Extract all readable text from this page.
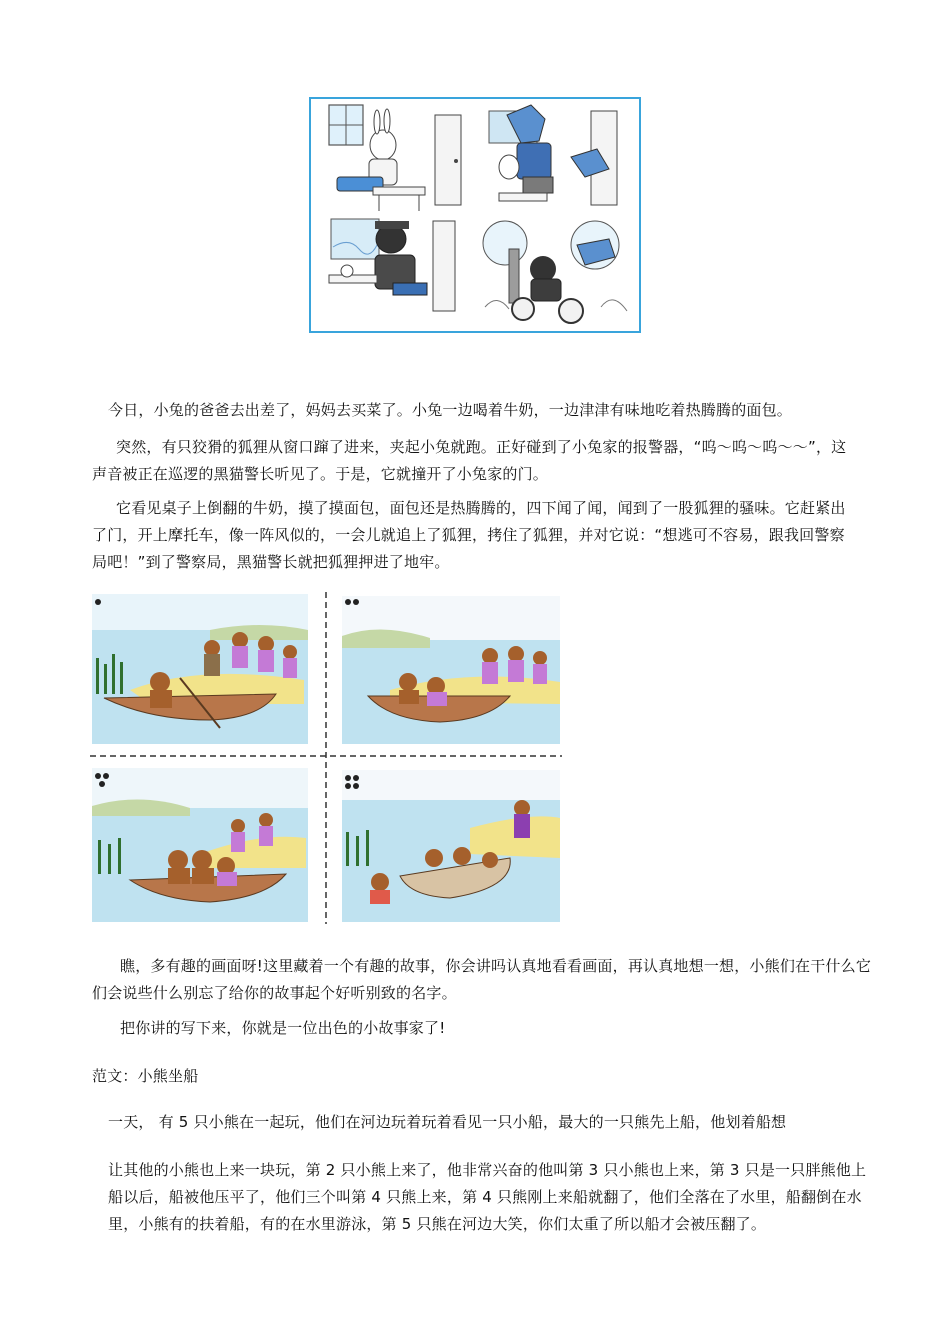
今日，小兔的爸爸去出差了，妈妈去买菜了。小兔一边喝着牛奶，一边津津有味地吃着热腾腾的面包。
突然，有只狡猾的狐狸从窗口蹿了进来，夹起小兔就跑。正好碰到了小兔家的报警器，“呜～呜～呜～～”，这声音被正在巡逻的黑猫警长听见了。于是，它就撞开了小兔家的门。
它看见桌子上倒翻的牛奶，摸了摸面包，面包还是热腾腾的，四下闻了闻，闻到了一股狐狸的骚味。它赶紧出了门，开上摩托车，像一阵风似的，一会儿就追上了狐狸，拷住了狐狸，并对它说：“想逃可不容易，跟我回警察局吧！”到了警察局，黑猫警长就把狐狸押进了地牢。
瞧，多有趣的画面呀!这里藏着一个有趣的故事，你会讲吗认真地看看画面，再认真地想一想，小熊们在干什么它们会说些什么别忘了给你的故事起个好听别致的名字。
把你讲的写下来，你就是一位出色的小故事家了!
范文：小熊坐船
一天， 有 5 只小熊在一起玩，他们在河边玩着玩着看见一只小船，最大的一只熊先上船，他划着船想
让其他的小熊也上来一块玩，第 2 只小熊上来了，他非常兴奋的他叫第 3 只小熊也上来，第 3 只是一只胖熊他上船以后，船被他压平了，他们三个叫第 4 只熊上来，第 4 只熊刚上来船就翻了，他们全落在了水里，船翻倒在水里，小熊有的扶着船，有的在水里游泳，第 5 只熊在河边大笑，你们太重了所以船才会被压翻了。
